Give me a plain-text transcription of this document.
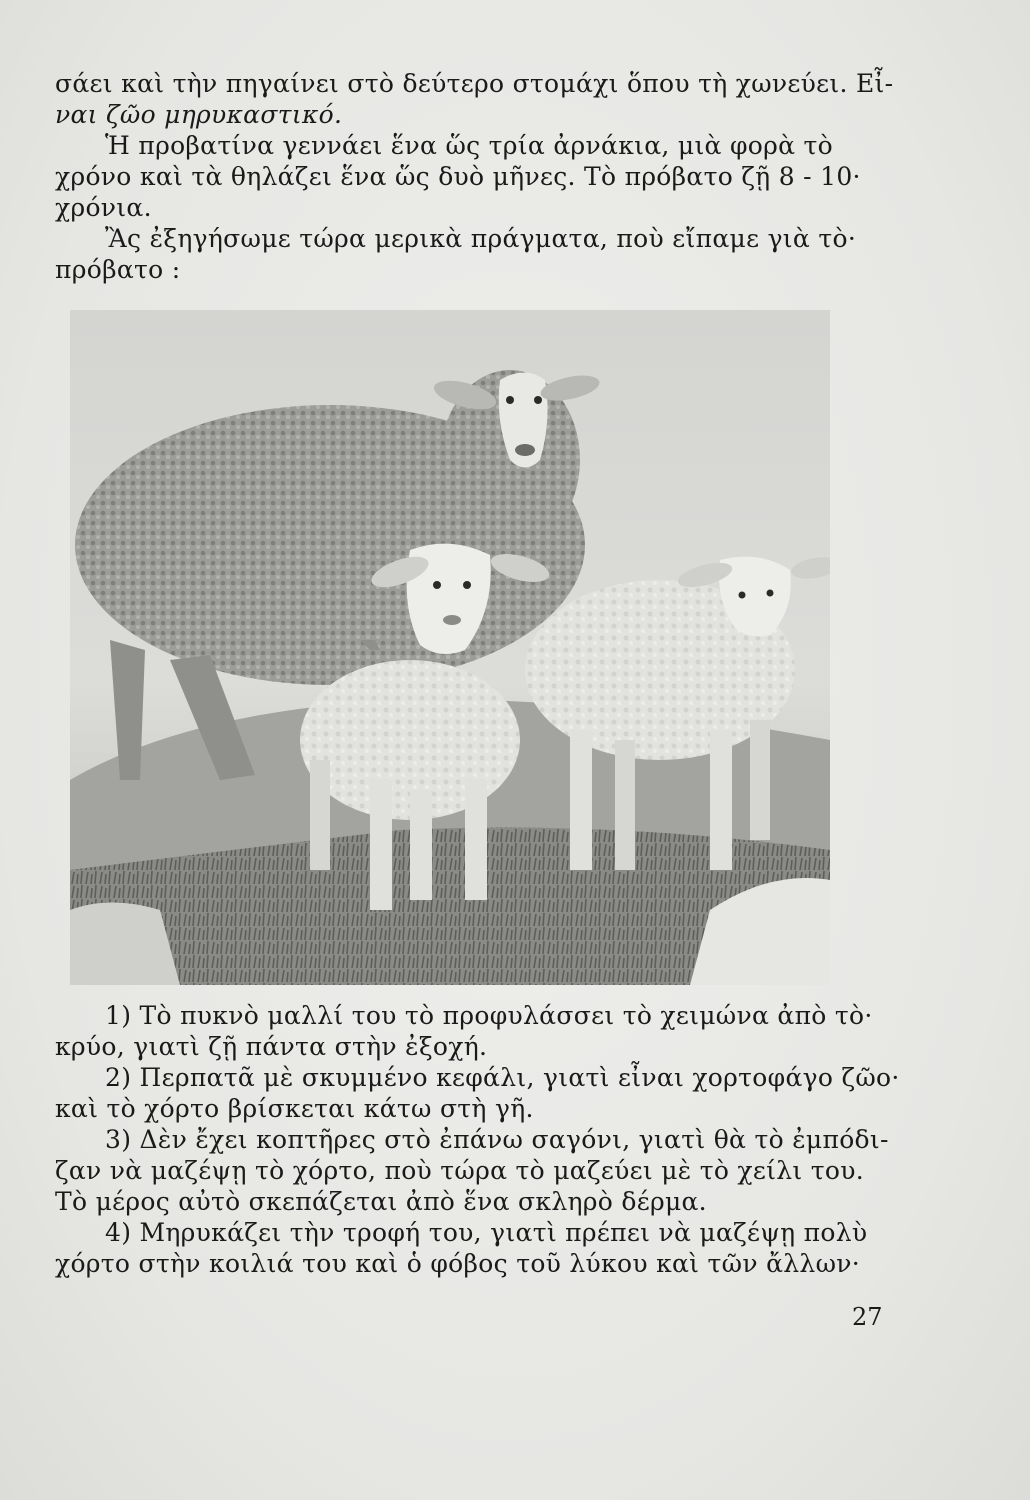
σάει καὶ τὴν πηγαίνει στὸ δεύτερο στομάχι ὅπου τὴ χωνεύει. Εἶ-
ναι ζῶο μηρυκαστικό.
Ἡ προβατίνα γεννάει ἕνα ὥς τρία ἀρνάκια, μιὰ φορὰ τὸ
χρόνο καὶ τὰ θηλάζει ἕνα ὥς δυὸ μῆνες. Τὸ πρόβατο ζῇ 8 - 10·
χρόνια.
Ἂς ἐξηγήσωμε τώρα μερικὰ πράγματα, ποὺ εἴπαμε γιὰ τὸ·
πρόβατο :
1) Τὸ πυκνὸ μαλλί του τὸ προφυλάσσει τὸ χειμώνα ἀπὸ τὸ·
κρύο, γιατὶ ζῇ πάντα στὴν ἐξοχή.
2) Περπατᾶ μὲ σκυμμένο κεφάλι, γιατὶ εἶναι χορτοφάγο ζῶο·
καὶ τὸ χόρτο βρίσκεται κάτω στὴ γῆ.
3) Δὲν ἔχει κοπτῆρες στὸ ἐπάνω σαγόνι, γιατὶ θὰ τὸ ἐμπόδι-
ζαν νὰ μαζέψῃ τὸ χόρτο, ποὺ τώρα τὸ μαζεύει μὲ τὸ χείλι του.
Τὸ μέρος αὐτὸ σκεπάζεται ἀπὸ ἕνα σκληρὸ δέρμα.
4) Μηρυκάζει τὴν τροφή του, γιατὶ πρέπει νὰ μαζέψῃ πολὺ
χόρτο στὴν κοιλιά του καὶ ὁ φόβος τοῦ λύκου καὶ τῶν ἄλλων·
27
